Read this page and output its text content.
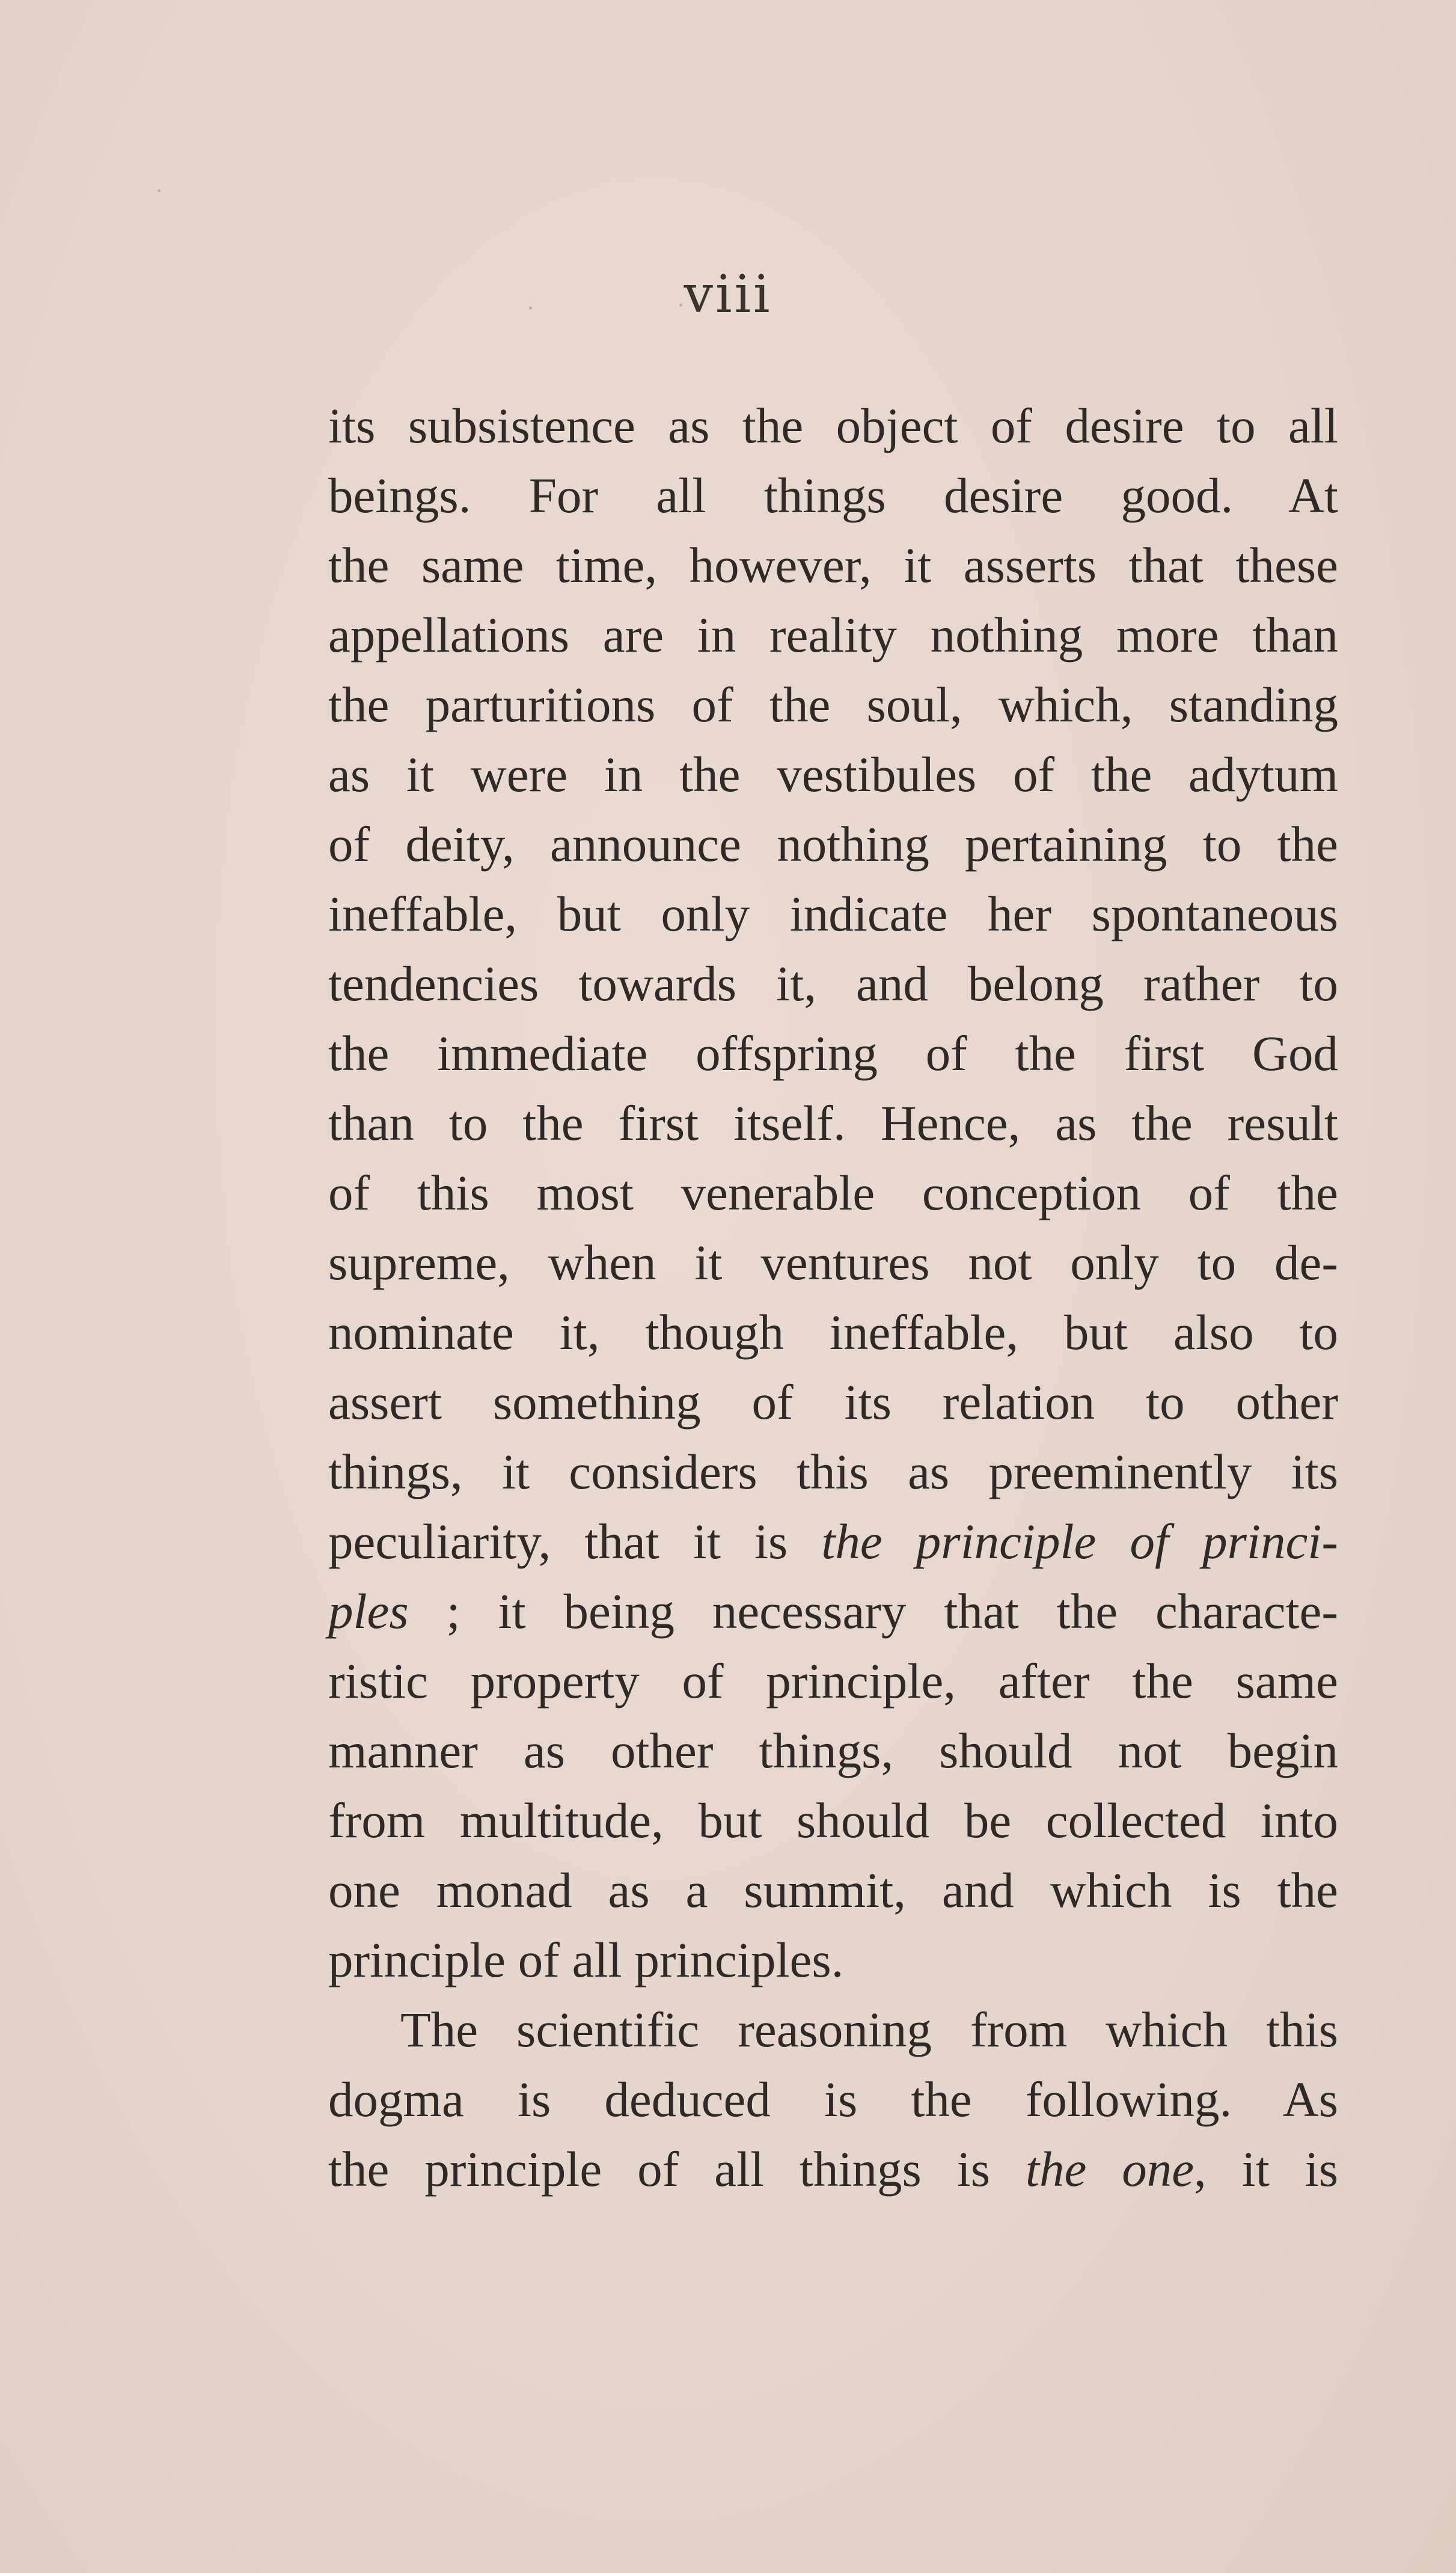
viii
its subsistence as the object of desire to all
beings. For all things desire good. At
the same time, however, it asserts that these
appellations are in reality nothing more than
the parturitions of the soul, which, standing
as it were in the vestibules of the adytum
of deity, announce nothing pertaining to the
ineffable, but only indicate her spontaneous
tendencies towards it, and belong rather to
the immediate offspring of the first God
than to the first itself. Hence, as the result
of this most venerable conception of the
supreme, when it ventures not only to de-
nominate it, though ineffable, but also to
assert something of its relation to other
things, it considers this as preeminently its
peculiarity, that it is the principle of princi-
ples ; it being necessary that the characte-
ristic property of principle, after the same
manner as other things, should not begin
from multitude, but should be collected into
one monad as a summit, and which is the
principle of all principles.
The scientific reasoning from which this
dogma is deduced is the following. As
the principle of all things is the one, it is
